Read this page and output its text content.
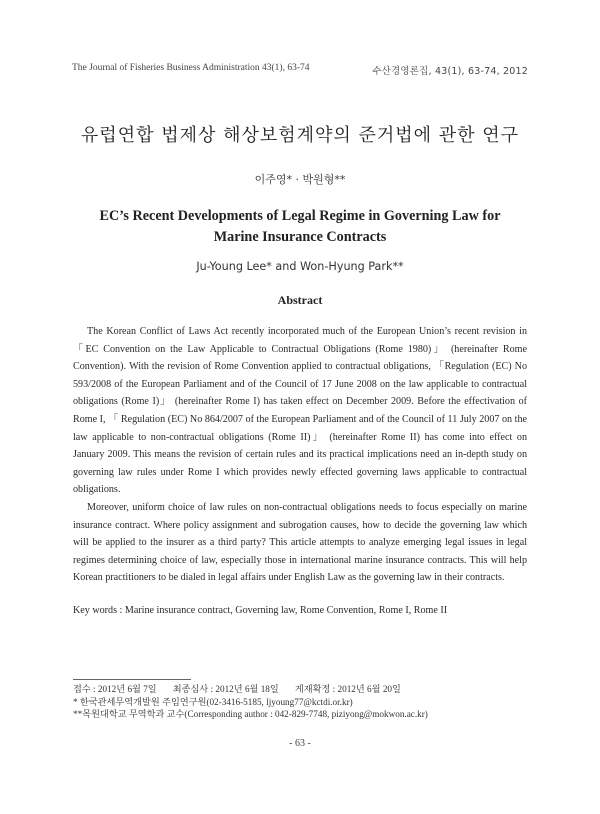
The Journal of Fisheries Business Administration 43(1), 63-74	수산경영론집, 43(1), 63-74, 2012
유럽연합 법제상 해상보험계약의 준거법에 관한 연구
이주영* · 박원형**
EC’s Recent Developments of Legal Regime in Governing Law for
Marine Insurance Contracts
Ju-Young Lee* and Won-Hyung Park**
Abstract

The Korean Conflict of Laws Act recently incorporated much of the European Union’s recent revision in 「EC Convention on the Law Applicable to Contractual Obligations (Rome 1980)」 (hereinafter Rome Convention). With the revision of Rome Convention applied to contractual obligations, 「Regulation (EC) No 593/2008 of the European Parliament and of the Council of 17 June 2008 on the law applicable to contractual obligations (Rome I)」 (hereinafter Rome I) has taken effect on December 2009. Before the effectivation of Rome I, 「 Regulation (EC) No 864/2007 of the European Parliament and of the Council of 11 July 2007 on the law applicable to non-contractual obligations (Rome II)」 (hereinafter Rome II) has come into effect on January 2009. This means the revision of certain rules and its practical implications need an in-depth study on governing law rules under Rome I which provides newly effected governing laws applicable to contractual obligations.

Moreover, uniform choice of law rules on non-contractual obligations needs to focus especially on marine insurance contract. Where policy assignment and subrogation causes, how to decide the governing law which will be applied to the insurer as a third party? This article attempts to analyze emerging legal issues in legal regimes determining choice of law, especially those in international marine insurance contracts. This will help Korean practitioners to be dialed in legal affairs under English Law as the governing law in their contracts.

Key words : Marine insurance contract, Governing law, Rome Convention, Rome I, Rome II
접수 : 2012년 6월 7일       최종심사 : 2012년 6월 18일       게재확정 : 2012년 6월 20일
* 한국관세무역개발원 주임연구원(02-3416-5185, ljyoung77@kctdi.or.kr)
**목원대학교 무역학과 교수(Corresponding author : 042-829-7748, piziyong@mokwon.ac.kr)
- 63 -
